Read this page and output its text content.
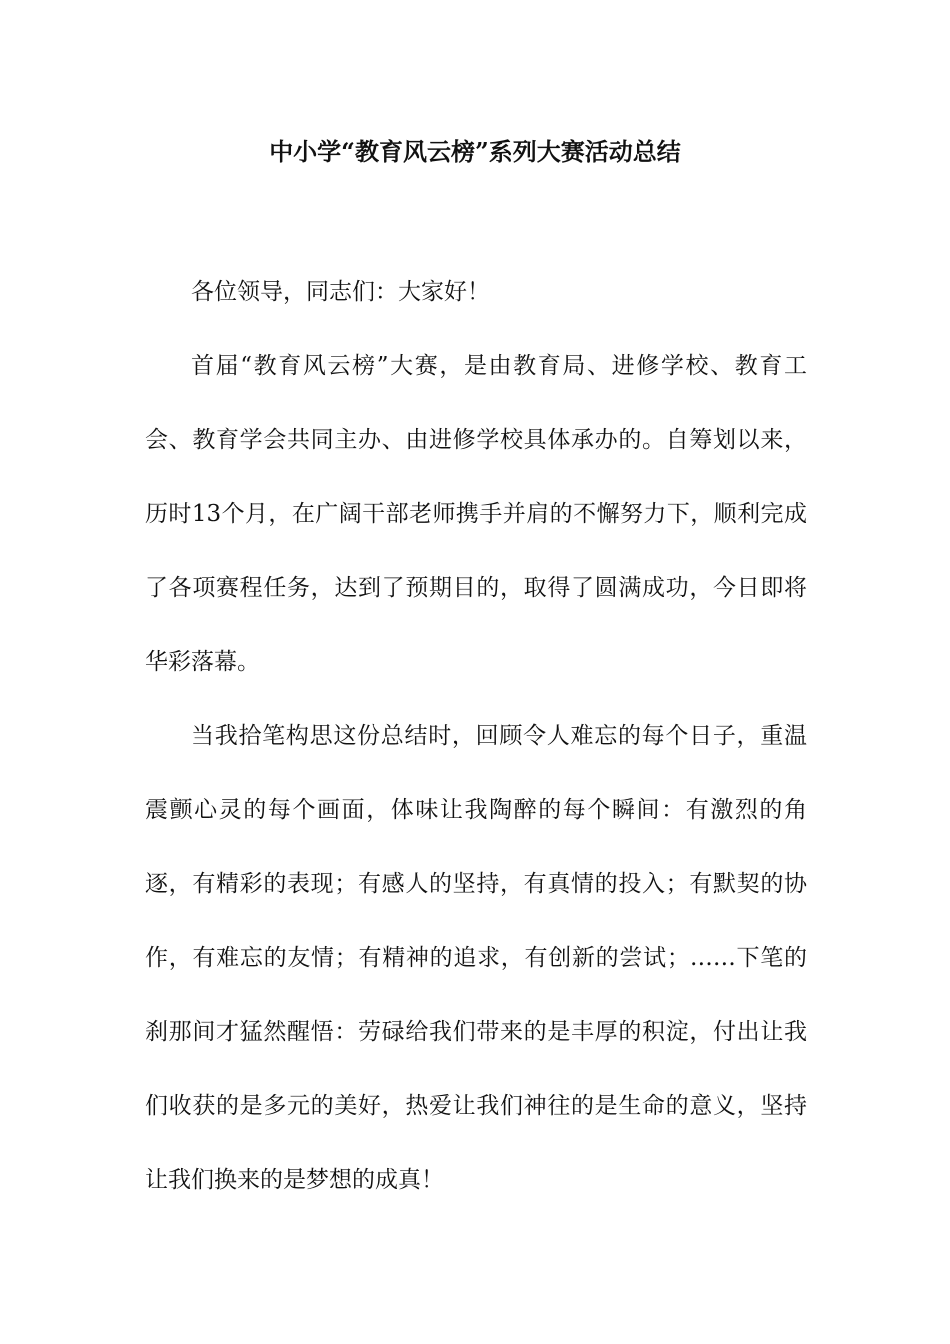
中小学“教育风云榜”系列大赛活动总结

各位领导，同志们：大家好！

首届“教育风云榜”大赛，是由教育局、进修学校、教育工会、教育学会共同主办、由进修学校具体承办的。自筹划以来，历时13个月，在广阔干部老师携手并肩的不懈努力下，顺利完成了各项赛程任务，达到了预期目的，取得了圆满成功，今日即将华彩落幕。

当我拾笔构思这份总结时，回顾令人难忘的每个日子，重温震颤心灵的每个画面，体味让我陶醉的每个瞬间：有激烈的角逐，有精彩的表现；有感人的坚持，有真情的投入；有默契的协作，有难忘的友情；有精神的追求，有创新的尝试；……下笔的刹那间才猛然醒悟：劳碌给我们带来的是丰厚的积淀，付出让我们收获的是多元的美好，热爱让我们神往的是生命的意义，坚持让我们换来的是梦想的成真！
